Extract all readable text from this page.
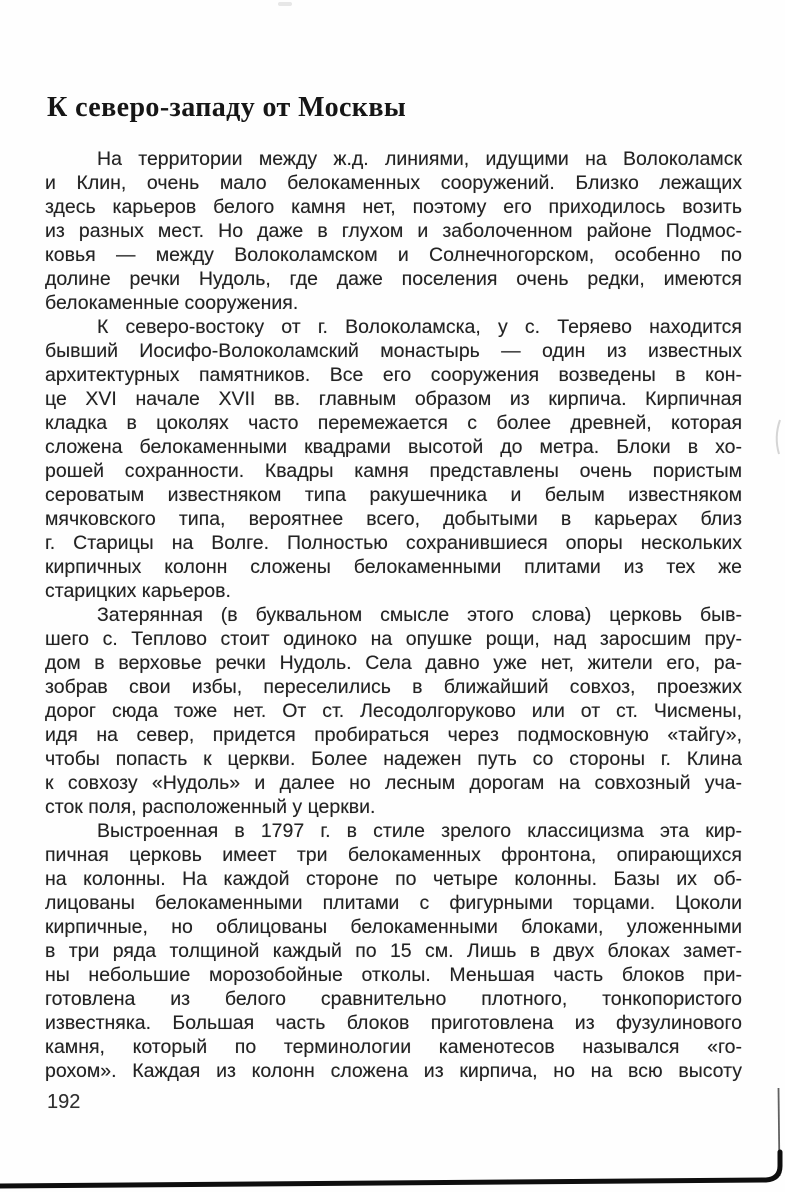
К северо-западу от Москвы
На территории между ж.д. линиями, идущими на Волоколамск
и Клин, очень мало белокаменных сооружений. Близко лежащих
здесь карьеров белого камня нет, поэтому его приходилось возить
из разных мест. Но даже в глухом и заболоченном районе Подмос-
ковья — между Волоколамском и Солнечногорском, особенно по
долине речки Нудоль, где даже поселения очень редки, имеются
белокаменные сооружения.
К северо-востоку от г. Волоколамска, у с. Теряево находится
бывший Иосифо-Волоколамский монастырь — один из известных
архитектурных памятников. Все его сооружения возведены в кон-
це XVI начале XVII вв. главным образом из кирпича. Кирпичная
кладка в цоколях часто перемежается с более древней, которая
сложена белокаменными квадрами высотой до метра. Блоки в хо-
рошей сохранности. Квадры камня представлены очень пористым
сероватым известняком типа ракушечника и белым известняком
мячковского типа, вероятнее всего, добытыми в карьерах близ
г. Старицы на Волге. Полностью сохранившиеся опоры нескольких
кирпичных колонн сложены белокаменными плитами из тех же
старицких карьеров.
Затерянная (в буквальном смысле этого слова) церковь быв-
шего с. Теплово стоит одиноко на опушке рощи, над заросшим пру-
дом в верховье речки Нудоль. Села давно уже нет, жители его, ра-
зобрав свои избы, переселились в ближайший совхоз, проезжих
дорог сюда тоже нет. От ст. Лесодолгоруково или от ст. Чисмены,
идя на север, придется пробираться через подмосковную «тайгу»,
чтобы попасть к церкви. Более надежен путь со стороны г. Клина
к совхозу «Нудоль» и далее но лесным дорогам на совхозный уча-
сток поля, расположенный у церкви.
Выстроенная в 1797 г. в стиле зрелого классицизма эта кир-
пичная церковь имеет три белокаменных фронтона, опирающихся
на колонны. На каждой стороне по четыре колонны. Базы их об-
лицованы белокаменными плитами с фигурными торцами. Цоколи
кирпичные, но облицованы белокаменными блоками, уложенными
в три ряда толщиной каждый по 15 см. Лишь в двух блоках замет-
ны небольшие морозобойные отколы. Меньшая часть блоков при-
готовлена из белого сравнительно плотного, тонкопористого
известняка. Большая часть блоков приготовлена из фузулинового
камня, который по терминологии каменотесов назывался «го-
рохом». Каждая из колонн сложена из кирпича, но на всю высоту
192
